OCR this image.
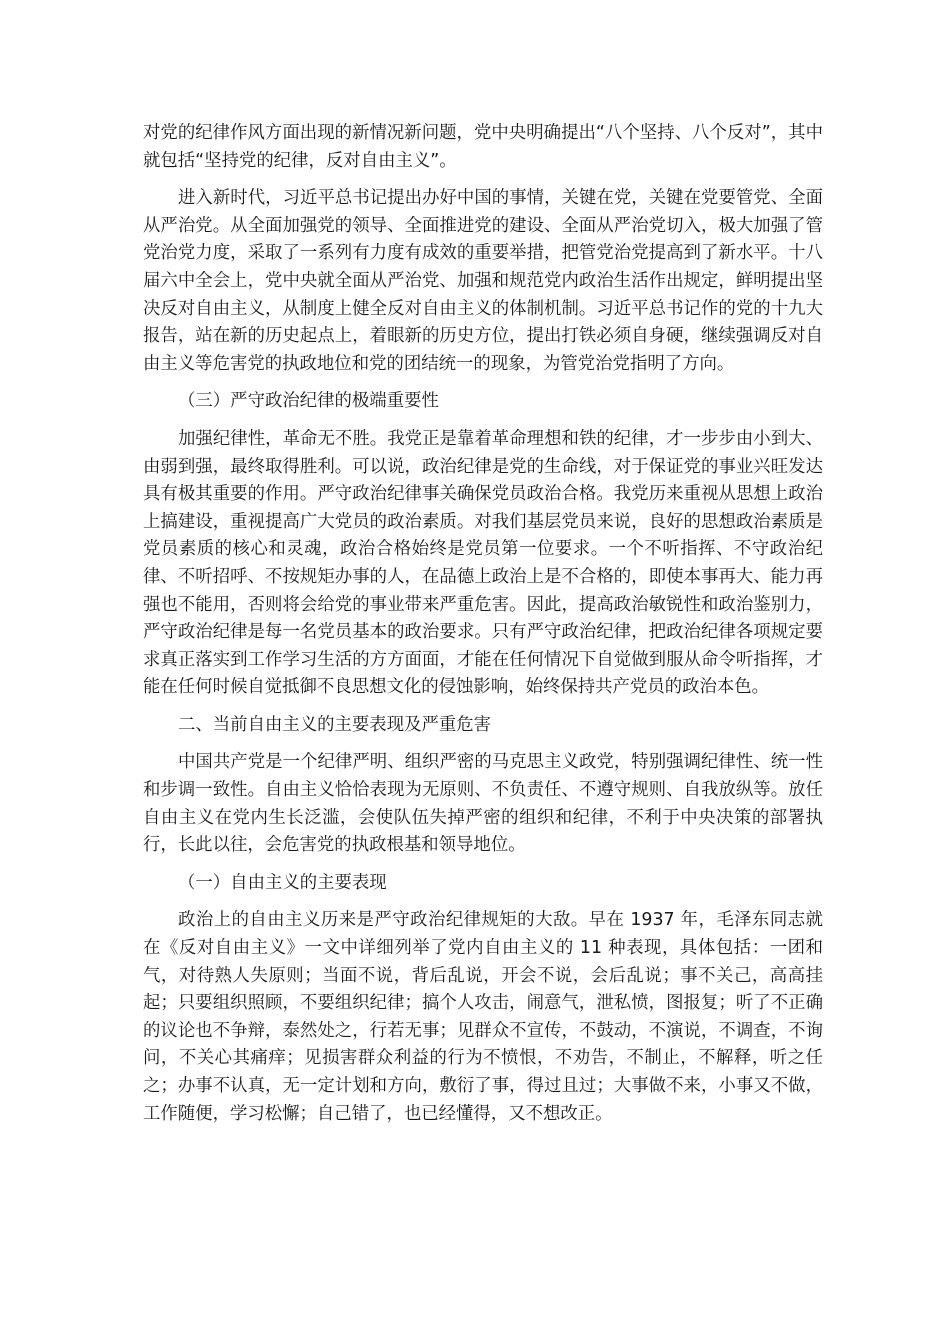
对党的纪律作风方面出现的新情况新问题，党中央明确提出“八个坚持、八个反对”，其中就包括“坚持党的纪律，反对自由主义”。

进入新时代，习近平总书记提出办好中国的事情，关键在党，关键在党要管党、全面从严治党。从全面加强党的领导、全面推进党的建设、全面从严治党切入，极大加强了管党治党力度，采取了一系列有力度有成效的重要举措，把管党治党提高到了新水平。十八届六中全会上，党中央就全面从严治党、加强和规范党内政治生活作出规定，鲜明提出坚决反对自由主义，从制度上健全反对自由主义的体制机制。习近平总书记作的党的十九大报告，站在新的历史起点上，着眼新的历史方位，提出打铁必须自身硬，继续强调反对自由主义等危害党的执政地位和党的团结统一的现象，为管党治党指明了方向。

（三）严守政治纪律的极端重要性

加强纪律性，革命无不胜。我党正是靠着革命理想和铁的纪律，才一步步由小到大、由弱到强，最终取得胜利。可以说，政治纪律是党的生命线，对于保证党的事业兴旺发达具有极其重要的作用。严守政治纪律事关确保党员政治合格。我党历来重视从思想上政治上搞建设，重视提高广大党员的政治素质。对我们基层党员来说，良好的思想政治素质是党员素质的核心和灵魂，政治合格始终是党员第一位要求。一个不听指挥、不守政治纪律、不听招呼、不按规矩办事的人，在品德上政治上是不合格的，即使本事再大、能力再强也不能用，否则将会给党的事业带来严重危害。因此，提高政治敏锐性和政治鉴别力，严守政治纪律是每一名党员基本的政治要求。只有严守政治纪律，把政治纪律各项规定要求真正落实到工作学习生活的方方面面，才能在任何情况下自觉做到服从命令听指挥，才能在任何时候自觉抵御不良思想文化的侵蚀影响，始终保持共产党员的政治本色。

二、当前自由主义的主要表现及严重危害

中国共产党是一个纪律严明、组织严密的马克思主义政党，特别强调纪律性、统一性和步调一致性。自由主义恰恰表现为无原则、不负责任、不遵守规则、自我放纵等。放任自由主义在党内生长泛滥，会使队伍失掉严密的组织和纪律，不利于中央决策的部署执行，长此以往，会危害党的执政根基和领导地位。

（一）自由主义的主要表现

政治上的自由主义历来是严守政治纪律规矩的大敌。早在 1937 年，毛泽东同志就在《反对自由主义》一文中详细列举了党内自由主义的 11 种表现，具体包括：一团和气，对待熟人失原则；当面不说，背后乱说，开会不说，会后乱说；事不关己，高高挂起；只要组织照顾，不要组织纪律；搞个人攻击，闹意气，泄私愤，图报复；听了不正确的议论也不争辩，泰然处之，行若无事；见群众不宣传，不鼓动，不演说，不调查，不询问，不关心其痛痒；见损害群众利益的行为不愤恨，不劝告，不制止，不解释，听之任之；办事不认真，无一定计划和方向，敷衍了事，得过且过；大事做不来，小事又不做，工作随便，学习松懈；自己错了，也已经懂得，又不想改正。
